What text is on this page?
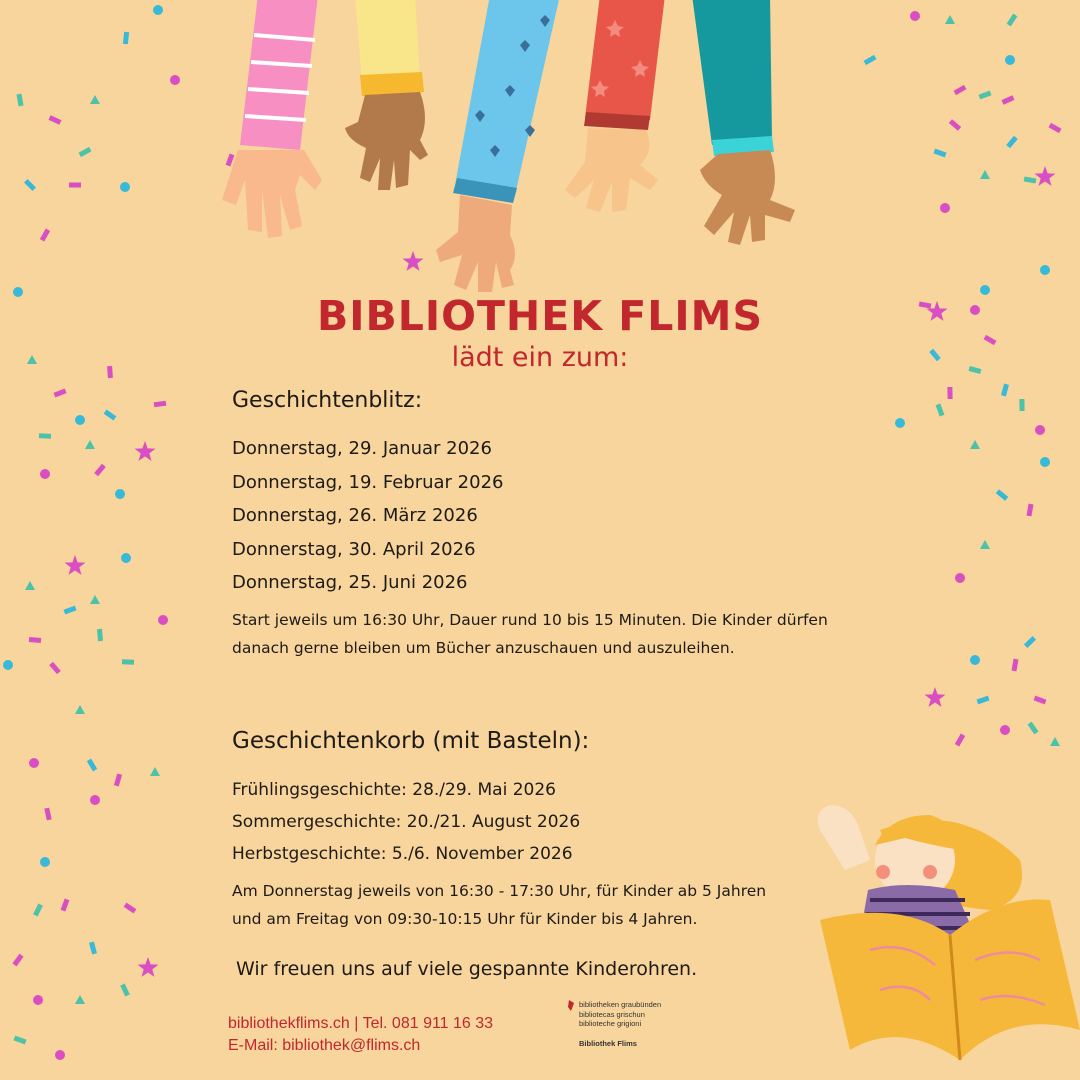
BIBLIOTHEK FLIMS
lädt ein zum:
Geschichtenblitz:
Donnerstag, 29. Januar 2026
Donnerstag, 19. Februar 2026
Donnerstag, 26. März 2026
Donnerstag, 30. April 2026
Donnerstag, 25. Juni 2026
Start jeweils um 16:30 Uhr, Dauer rund 10 bis 15 Minuten. Die Kinder dürfen
danach gerne bleiben um Bücher anzuschauen und auszuleihen.
Geschichtenkorb (mit Basteln):
Frühlingsgeschichte: 28./29. Mai 2026
Sommergeschichte: 20./21. August 2026
Herbstgeschichte: 5./6. November 2026
Am Donnerstag jeweils von 16:30 - 17:30 Uhr, für Kinder ab 5 Jahren
und am Freitag von 09:30-10:15 Uhr für Kinder bis 4 Jahren.
Wir freuen uns auf viele gespannte Kinderohren.
bibliothekflims.ch | Tel. 081 911 16 33
E-Mail: bibliothek@flims.ch
bibliotheken graubünden
bibliotecas grischun
biblioteche grigioni
Bibliothek Flims
